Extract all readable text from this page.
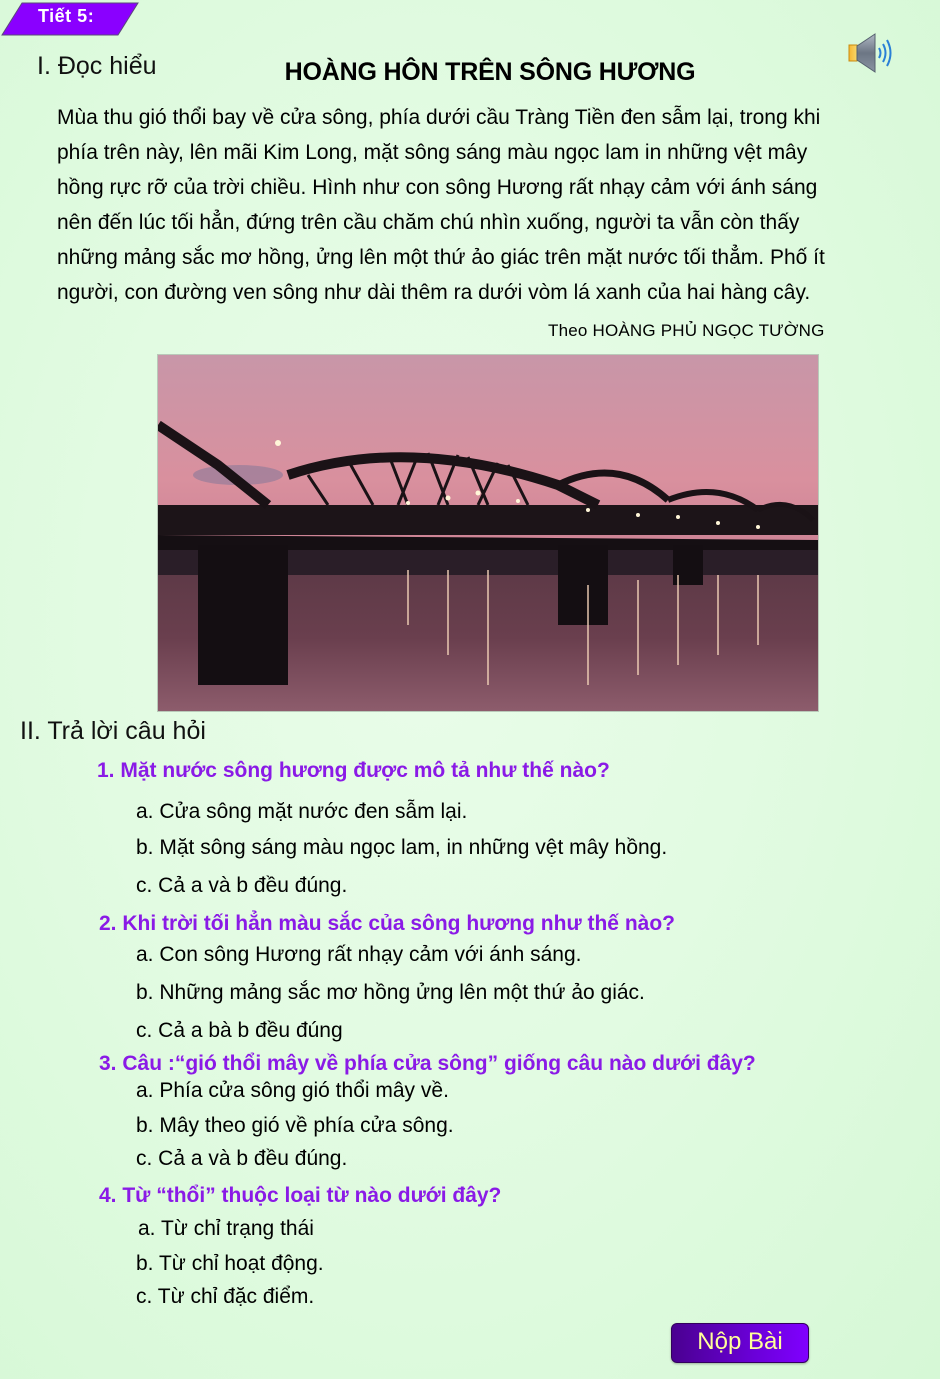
Tiết 5:
I. Đọc hiểu	HOÀNG HÔN TRÊN SÔNG HƯƠNG
Mùa thu gió thổi bay về cửa sông, phía dưới cầu Tràng Tiền đen sẫm lại, trong khi
phía trên này, lên mãi Kim Long, mặt sông sáng màu ngọc lam in những vệt mây
hồng rực rỡ của trời chiều. Hình như con sông Hương rất nhạy cảm với ánh sáng
nên đến lúc tối hẳn, đứng trên cầu chăm chú nhìn xuống, người ta vẫn còn thấy
những mảng sắc mơ hồng, ửng lên một thứ ảo giác trên mặt nước tối thẳm. Phố ít
người, con đường ven sông như dài thêm ra dưới vòm lá xanh của hai hàng cây.
Theo HOÀNG PHỦ NGỌC TƯỜNG
II. Trả lời câu hỏi
1. Mặt nước sông hương được mô tả như thế nào?
a. Cửa sông mặt nước đen sẫm lại.
b. Mặt sông sáng màu ngọc lam, in những vệt mây hồng.
c. Cả a và b đều đúng.
2. Khi trời tối hẳn màu sắc của sông hương như thế nào?
a. Con sông Hương rất nhạy cảm với ánh sáng.
b. Những mảng sắc mơ hồng ửng lên một thứ ảo giác.
c. Cả a bà b đều đúng
3. Câu :“gió thổi mây về phía cửa sông” giống câu nào dưới đây?
a. Phía cửa sông gió thổi mây về.
b. Mây theo gió về phía cửa sông.
c. Cả a và b đều đúng.
4. Từ “thổi” thuộc loại từ nào dưới đây?
a. Từ chỉ trạng thái
b. Từ chỉ hoạt động.
c. Từ chỉ đặc điểm.
Nộp Bài
